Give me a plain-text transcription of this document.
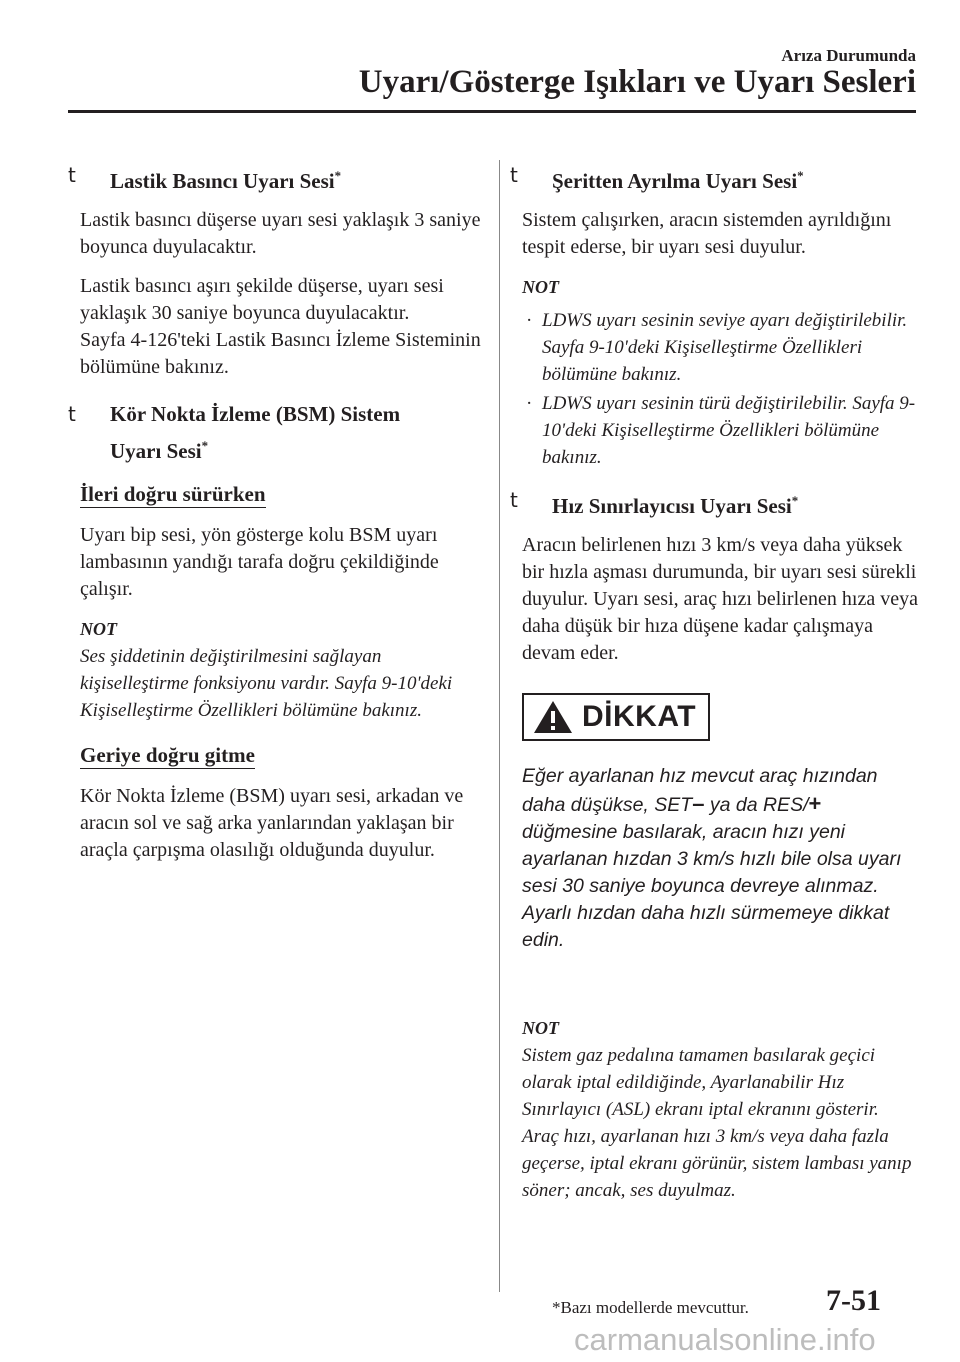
Arıza Durumunda
Uyarı/Gösterge Işıkları ve Uyarı Sesleri
t Lastik Basıncı Uyarı Sesi*

Lastik basıncı düşerse uyarı sesi yaklaşık 3 saniye boyunca duyulacaktır.

Lastik basıncı aşırı şekilde düşerse, uyarı sesi yaklaşık 30 saniye boyunca duyulacaktır.

Sayfa 4-126'teki Lastik Basıncı İzleme Sisteminin bölümüne bakınız.

t Kör Nokta İzleme (BSM) Sistem Uyarı Sesi*
İleri doğru sürürken

Uyarı bip sesi, yön gösterge kolu BSM uyarı lambasının yandığı tarafa doğru çekildiğinde çalışır.

NOT
Ses şiddetinin değiştirilmesini sağlayan kişiselleştirme fonksiyonu vardır. Sayfa 9-10'deki Kişiselleştirme Özellikleri bölümüne bakınız.
Geriye doğru gitme

Kör Nokta İzleme (BSM) uyarı sesi, arkadan ve aracın sol ve sağ arka yanlarından yaklaşan bir araçla çarpışma olasılığı olduğunda duyulur.

t Şeritten Ayrılma Uyarı Sesi*

Sistem çalışırken, aracın sistemden ayrıldığını tespit ederse, bir uyarı sesi duyulur.

NOT
· LDWS uyarı sesinin seviye ayarı değiştirilebilir. Sayfa 9-10'deki Kişiselleştirme Özellikleri bölümüne bakınız.
· LDWS uyarı sesinin türü değiştirilebilir. Sayfa 9-10'deki Kişiselleştirme Özellikleri bölümüne bakınız.
t Hız Sınırlayıcısı Uyarı Sesi*

Aracın belirlenen hızı 3 km/s veya daha yüksek bir hızla aşması durumunda, bir uyarı sesi sürekli duyulur. Uyarı sesi, araç hızı belirlenen hıza veya daha düşük bir hıza düşene kadar çalışmaya devam eder.

DİKKAT
Eğer ayarlanan hız mevcut araç hızından daha düşükse, SET– ya da RES/+ düğmesine basılarak, aracın hızı yeni ayarlanan hızdan 3 km/s hızlı bile olsa uyarı sesi 30 saniye boyunca devreye alınmaz. Ayarlı hızdan daha hızlı sürmemeye dikkat edin.
NOT
Sistem gaz pedalına tamamen basılarak geçici olarak iptal edildiğinde, Ayarlanabilir Hız Sınırlayıcı (ASL) ekranı iptal ekranını gösterir. Araç hızı, ayarlanan hızı 3 km/s veya daha fazla geçerse, iptal ekranı görünür, sistem lambası yanıp söner; ancak, ses duyulmaz.
*Bazı modellerde mevcuttur.	7-51
carmanualsonline.info
